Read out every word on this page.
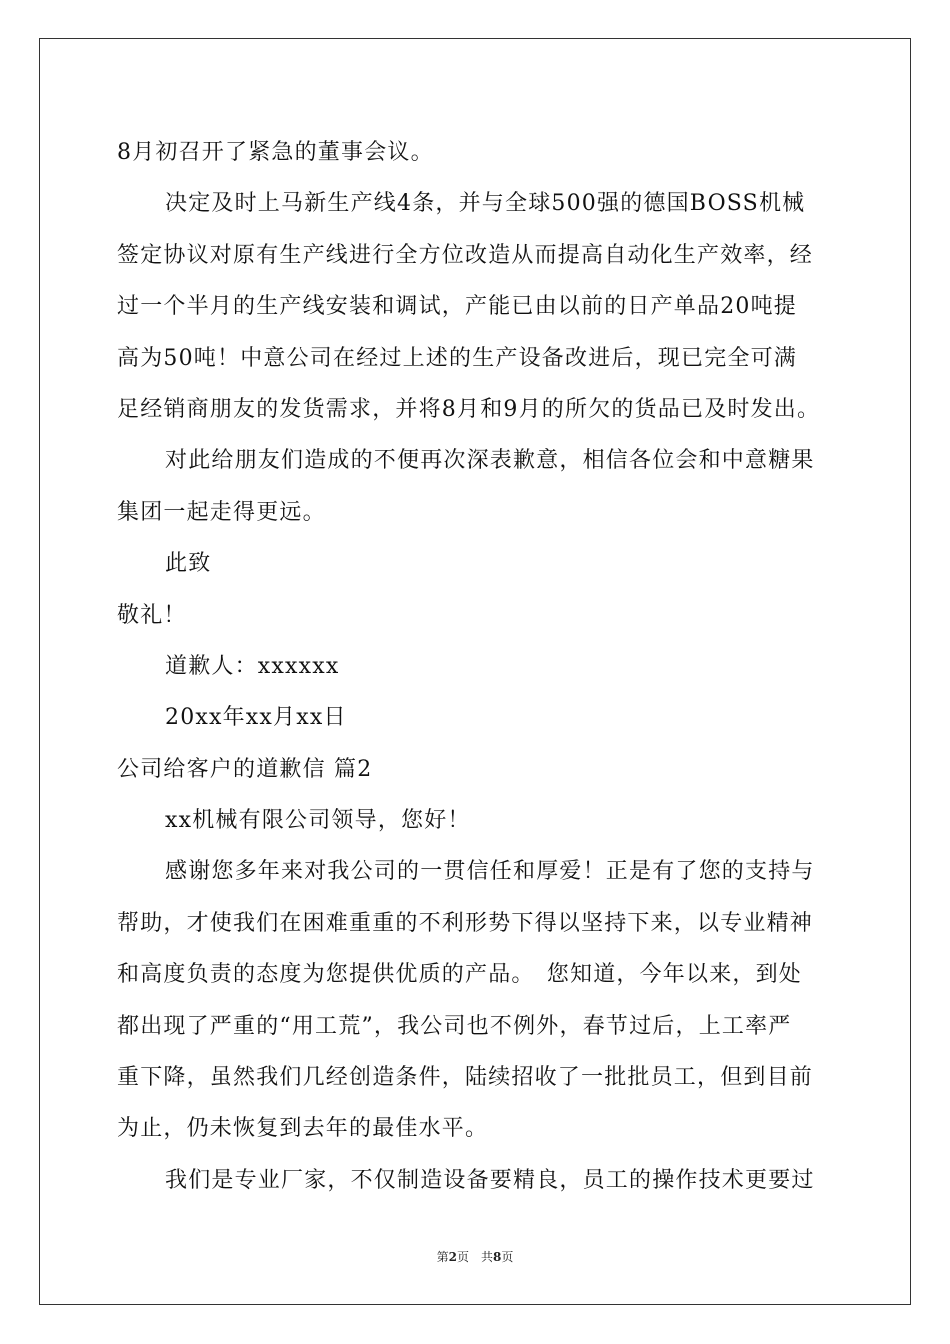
8月初召开了紧急的董事会议。
决定及时上马新生产线4条，并与全球500强的德国BOSS机械
签定协议对原有生产线进行全方位改造从而提高自动化生产效率，经
过一个半月的生产线安装和调试，产能已由以前的日产单品20吨提
高为50吨！中意公司在经过上述的生产设备改进后，现已完全可满
足经销商朋友的发货需求，并将8月和9月的所欠的货品已及时发出。
对此给朋友们造成的不便再次深表歉意，相信各位会和中意糖果
集团一起走得更远。
此致
敬礼！
道歉人：xxxxxx
20xx年xx月xx日
公司给客户的道歉信 篇2
xx机械有限公司领导，您好！
感谢您多年来对我公司的一贯信任和厚爱！正是有了您的支持与
帮助，才使我们在困难重重的不利形势下得以坚持下来，以专业精神
和高度负责的态度为您提供优质的产品。　您知道，今年以来，到处
都出现了严重的“用工荒”，我公司也不例外，春节过后，上工率严
重下降，虽然我们几经创造条件，陆续招收了一批批员工，但到目前
为止，仍未恢复到去年的最佳水平。
我们是专业厂家，不仅制造设备要精良，员工的操作技术更要过
第2页　共8页
